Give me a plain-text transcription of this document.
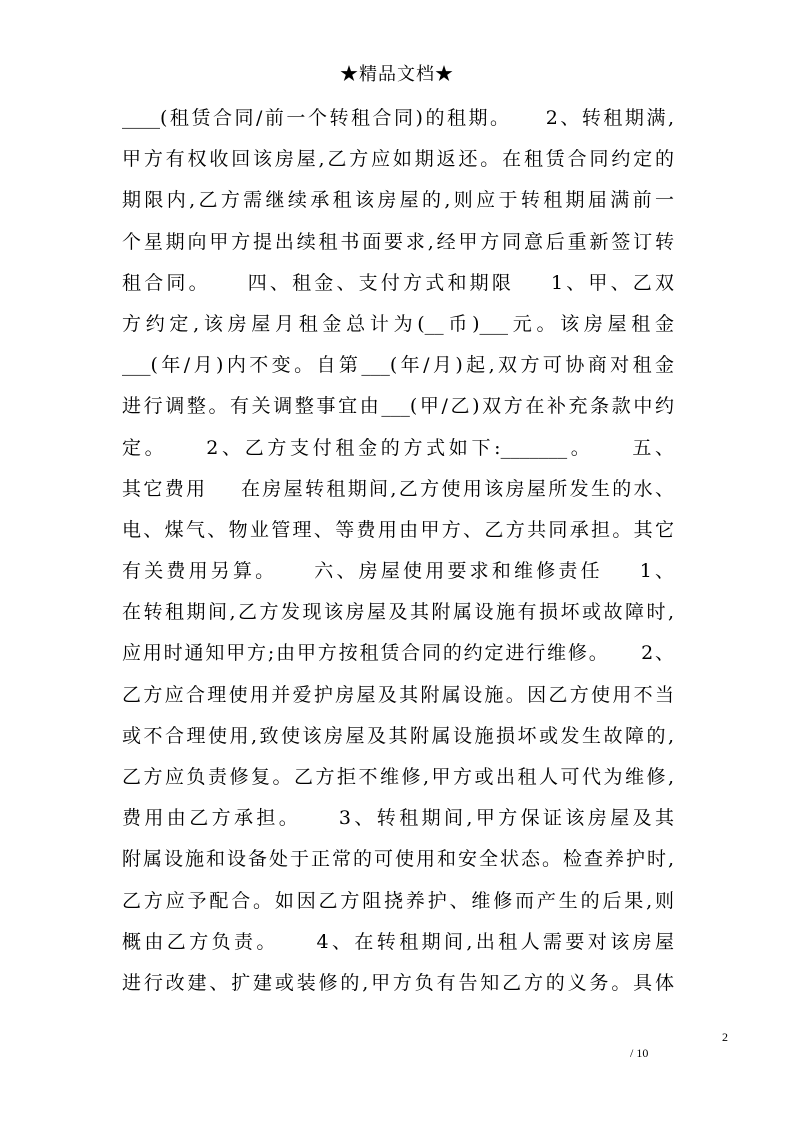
★精品文档★
____(租赁合同/前一个转租合同)的租期。    2、转租期满,
甲方有权收回该房屋,乙方应如期返还。在租赁合同约定的
期限内,乙方需继续承租该房屋的,则应于转租期届满前一
个星期向甲方提出续租书面要求,经甲方同意后重新签订转
租合同。    四、租金、支付方式和期限    1、甲、乙双
方约定,该房屋月租金总计为(__币)___元。该房屋租金
___(年/月)内不变。自第___(年/月)起,双方可协商对租金
进行调整。有关调整事宜由___(甲/乙)双方在补充条款中约
定。    2、乙方支付租金的方式如下:_______。    五、
其它费用    在房屋转租期间,乙方使用该房屋所发生的水、
电、煤气、物业管理、等费用由甲方、乙方共同承担。其它
有关费用另算。    六、房屋使用要求和维修责任    1、
在转租期间,乙方发现该房屋及其附属设施有损坏或故障时,
应用时通知甲方;由甲方按租赁合同的约定进行维修。    2、
乙方应合理使用并爱护房屋及其附属设施。因乙方使用不当
或不合理使用,致使该房屋及其附属设施损坏或发生故障的,
乙方应负责修复。乙方拒不维修,甲方或出租人可代为维修,
费用由乙方承担。    3、转租期间,甲方保证该房屋及其
附属设施和设备处于正常的可使用和安全状态。检查养护时,
乙方应予配合。如因乙方阻挠养护、维修而产生的后果,则
概由乙方负责。    4、在转租期间,出租人需要对该房屋
进行改建、扩建或装修的,甲方负有告知乙方的义务。具体
2
/ 10
